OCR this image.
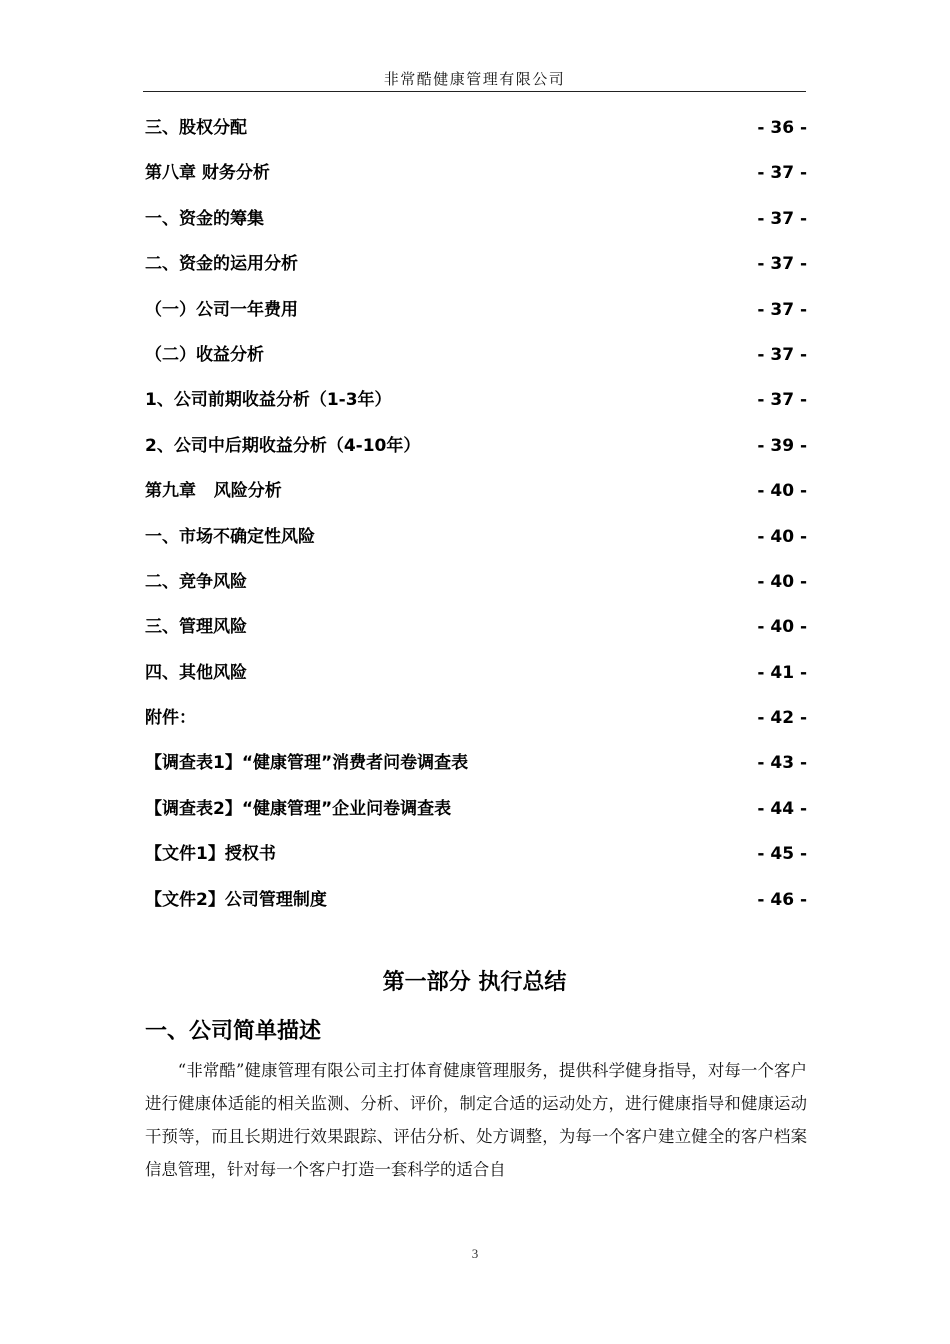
非常酷健康管理有限公司
三、股权分配	- 36 -
第八章 财务分析	- 37 -
一、资金的筹集	- 37 -
二、资金的运用分析	- 37 -
（一）公司一年费用	- 37 -
（二）收益分析	- 37 -
1、公司前期收益分析（1-3年）	- 37 -
2、公司中后期收益分析（4-10年）	- 39 -
第九章   风险分析	- 40 -
一、市场不确定性风险	- 40 -
二、竞争风险	- 40 -
三、管理风险	- 40 -
四、其他风险	- 41 -
附件：	- 42 -
【调查表1】“健康管理”消费者问卷调查表	- 43 -
【调查表2】“健康管理”企业问卷调查表	- 44 -
【文件1】授权书	- 45 -
【文件2】公司管理制度	- 46 -
第一部分 执行总结
一、公司简单描述

“非常酷”健康管理有限公司主打体育健康管理服务，提供科学健身指导，对每一个客户进行健康体适能的相关监测、分析、评价，制定合适的运动处方，进行健康指导和健康运动干预等，而且长期进行效果跟踪、评估分析、处方调整，为每一个客户建立健全的客户档案信息管理，针对每一个客户打造一套科学的适合自

3
